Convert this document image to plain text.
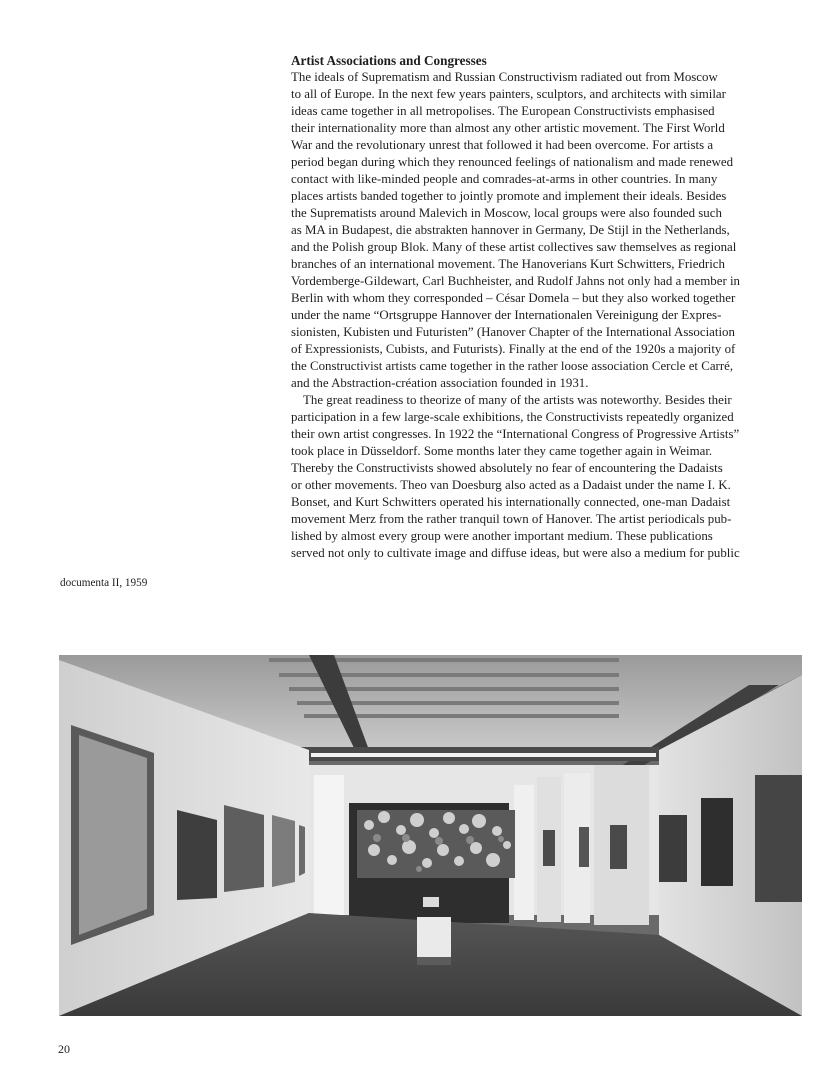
Artist Associations and Congresses
The ideals of Suprematism and Russian Constructivism radiated out from Moscow
to all of Europe. In the next few years painters, sculptors, and architects with similar
ideas came together in all metropolises. The European Constructivists emphasised
their internationality more than almost any other artistic movement. The First World
War and the revolutionary unrest that followed it had been overcome. For artists a
period began during which they renounced feelings of nationalism and made renewed
contact with like-minded people and comrades-at-arms in other countries. In many
places artists banded together to jointly promote and implement their ideals. Besides
the Suprematists around Malevich in Moscow, local groups were also founded such
as MA in Budapest, die abstrakten hannover in Germany, De Stijl in the Netherlands,
and the Polish group Blok. Many of these artist collectives saw themselves as regional
branches of an international movement. The Hanoverians Kurt Schwitters, Friedrich
Vordemberge-Gildewart, Carl Buchheister, and Rudolf Jahns not only had a member in
Berlin with whom they corresponded – César Domela – but they also worked together
under the name “Ortsgruppe Hannover der Internationalen Vereinigung der Expres-
sionisten, Kubisten und Futuristen” (Hanover Chapter of the International Association
of Expressionists, Cubists, and Futurists). Finally at the end of the 1920s a majority of
the Constructivist artists came together in the rather loose association Cercle et Carré,
and the Abstraction-création association founded in 1931.
The great readiness to theorize of many of the artists was noteworthy. Besides their
participation in a few large-scale exhibitions, the Constructivists repeatedly organized
their own artist congresses. In 1922 the “International Congress of Progressive Artists”
took place in Düsseldorf. Some months later they came together again in Weimar.
Thereby the Constructivists showed absolutely no fear of encountering the Dadaists
or other movements. Theo van Doesburg also acted as a Dadaist under the name I. K.
Bonset, and Kurt Schwitters operated his internationally connected, one-man Dadaist
movement Merz from the rather tranquil town of Hanover. The artist periodicals pub-
lished by almost every group were another important medium. These publications
served not only to cultivate image and diffuse ideas, but were also a medium for public
documenta II, 1959
20
